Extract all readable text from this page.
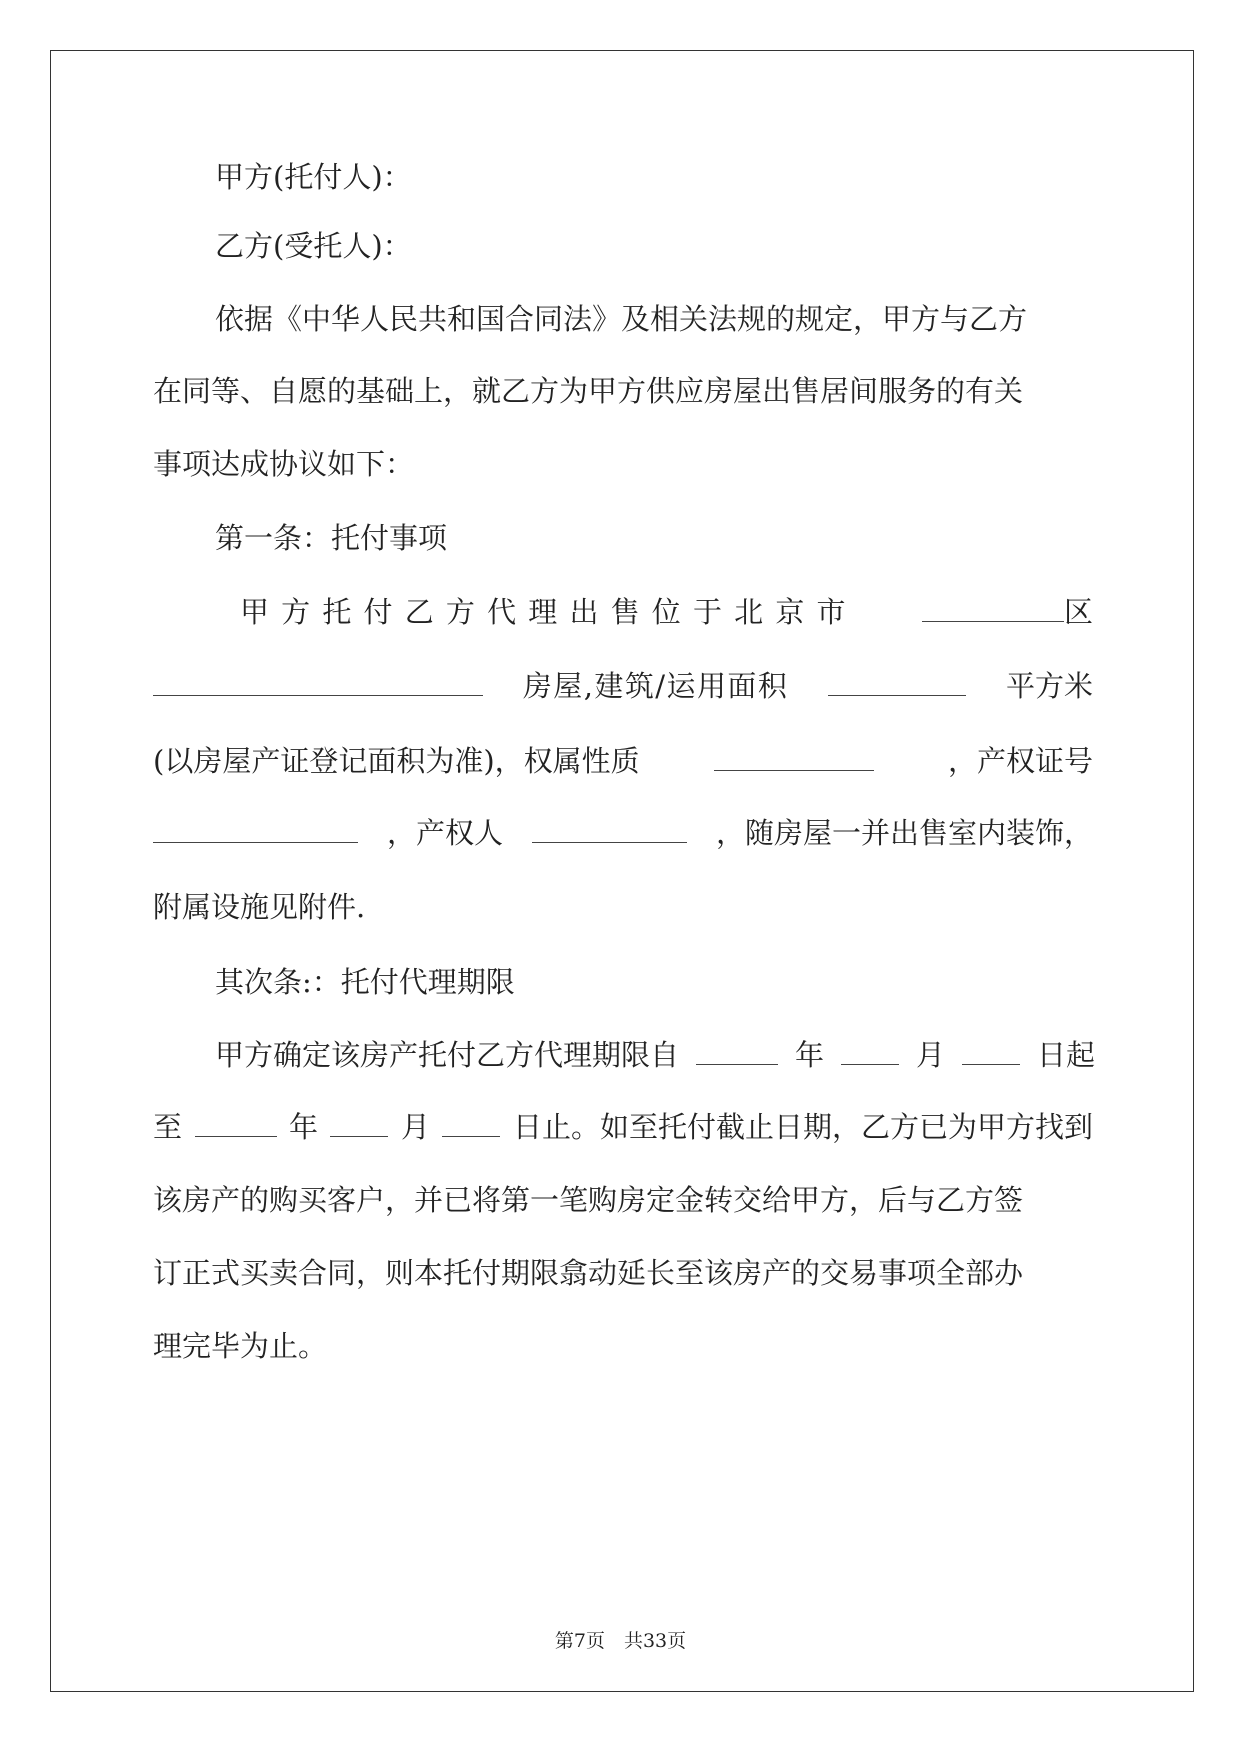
甲方(托付人)：
乙方(受托人)：
依据《中华人民共和国合同法》及相关法规的规定，甲方与乙方
在同等、自愿的基础上，就乙方为甲方供应房屋出售居间服务的有关
事项达成协议如下：
第一条：托付事项
甲方托付乙方代理出售位于北京市	区
房屋,建筑/运用面积	平方米
(以房屋产证登记面积为准)，权属性质	，产权证号
，产权人	，随房屋一并出售室内装饰，
附属设施见附件.
其次条:：托付代理期限
甲方确定该房产托付乙方代理期限自	年	月	日起
至	年	月	日止。如至托付截止日期，乙方已为甲方找到
该房产的购买客户，并已将第一笔购房定金转交给甲方，后与乙方签
订正式买卖合同，则本托付期限翕动延长至该房产的交易事项全部办
理完毕为止。
第7页　共33页
